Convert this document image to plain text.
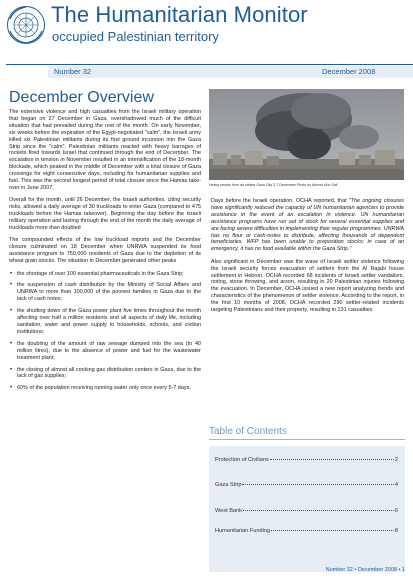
The Humanitarian Monitor
occupied Palestinian territory
Number 32	December 2008
December Overview

The extensive violence and high casualties from the Israeli military operation that began on 27 December in Gaza, overshadowed much of the difficult situation that had prevailed during the rest of the month. On early November, six weeks before the expiration of the Egypt-negotiated "calm", the Israeli army killed six Palestinian militants during its first ground incursion into the Gaza Strip since the "calm". Palestinian militants reacted with heavy barrages of rockets fired towards Israel that continued through the end of December. The escalation in tension in November resulted in an intensification of the 18-month blockade, which peaked in the middle of December with a total closure of Gaza crossings for eight consecutive days, including for humanitarian supplies and fuel. This was the second longest period of total closure since the Hamas take-over in June 2007.

Overall for the month, until 26 December, the Israeli authorities, citing security risks, allowed a daily average of 30 truckloads to enter Gaza (compared to 475 truckloads before the Hamas takeover). Beginning the day before the Israeli military operation and lasting through the end of the month the daily average of truckloads more than doubled

The compounded effects of the low truckload imports and the December closure culminated on 18 December when UNRWA suspended its food assistance program to 750,000 residents of Gaza due to the depletion of its wheat grain stocks. The situation in December generated other peaks

• the shortage of over 100 essential pharmaceuticals in the Gaza Strip;
• the suspension of cash distribution by the Ministry of Social Affairs and UNRWA to more than 100,000 of the poorest families in Gaza due to the lack of cash notes;
• the shutting down of the Gaza power plant five times throughout the month affecting over half a million residents and all aspects of daily life, including sanitation, water and power supply to households, schools, and civilian institutions;
• the doubling of the amount of raw sewage dumped into the sea (to 40 million litres), due to the absence of power and fuel for the wastewater treatment plant;
• the closing of almost all cooking gas distribution centers in Gaza, due to the lack of gas supplies;
• 60% of the population receiving running water only once every 5-7 days.
Heavy smoke from air strikes Gaza City 2-7 December Photo by Ahmed Abu Sall

Days before the Israeli operation, OCHA reported, that "The ongoing closures have significantly reduced the capacity of UN humanitarian agencies to provide assistance in the event of an escalation in violence. UN humanitarian assistance programs have run out of stock for several essential supplies and are facing severe difficulties in implementing their regular programmes. UNRWA has no flour or cash-notes to distribute, affecting thousands of dependent beneficiaries. WFP has been unable to preposition stocks; in case of an emergency, it has no food available within the Gaza Strip."

Also significant in December was the wave of Israeli settler violence following the Israeli security forces evacuation of settlers from the Al Rajabi house settlement in Hebron. OCHA recorded 68 incidents of Israeli settler vandalism, rioting, stone throwing, and arson, resulting in 20 Palestinian injuries following the evacuation. In December, OCHA issued a new report analyzing trends and characteristics of the phenomenon of settler violence. According to the report, in the first 10 months of 2008, OCHA recorded 290 settler-related incidents targeting Palestinians and their property, resulting in 131 casualties.

Table of Contents
Protection of Civilians	2
Gaza Strip	4
West Bank	6
Humanitarian Funding	8
Number 32 • December 2008 • 1
